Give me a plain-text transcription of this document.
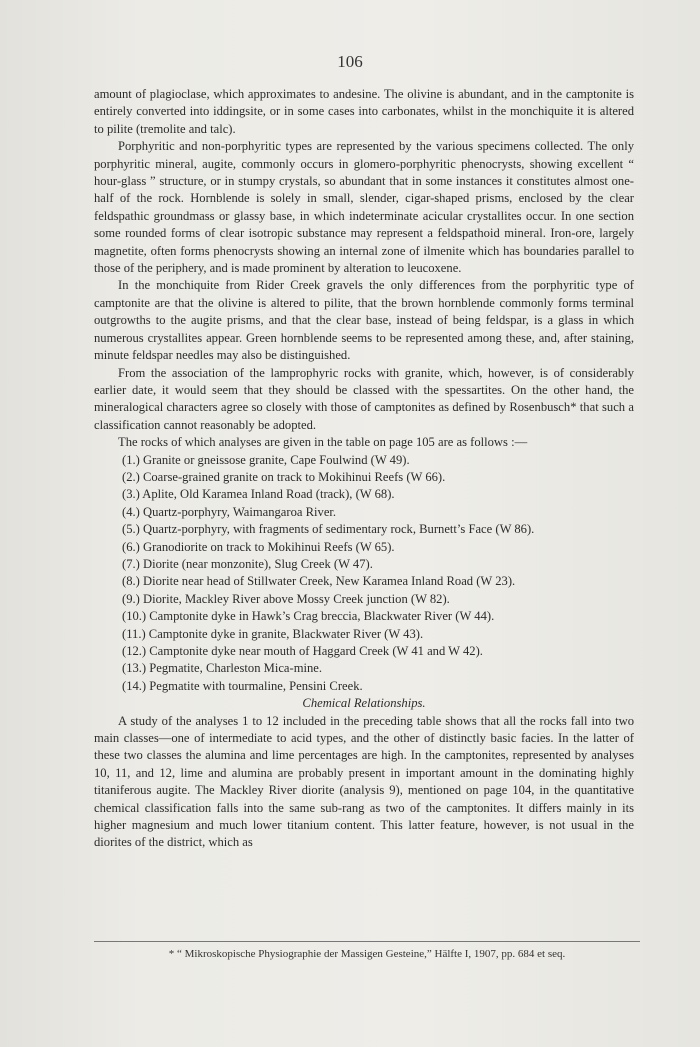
106

amount of plagioclase, which approximates to andesine. The olivine is abundant, and in the camptonite is entirely converted into iddingsite, or in some cases into carbonates, whilst in the monchiquite it is altered to pilite (tremolite and talc).

Porphyritic and non-porphyritic types are represented by the various specimens collected. The only porphyritic mineral, augite, commonly occurs in glomero-porphyritic phenocrysts, showing excellent “ hour-glass ” structure, or in stumpy crystals, so abundant that in some instances it constitutes almost one-half of the rock. Hornblende is solely in small, slender, cigar-shaped prisms, enclosed by the clear feldspathic groundmass or glassy base, in which indeterminate acicular crystallites occur. In one section some rounded forms of clear isotropic substance may represent a feldspathoid mineral. Iron-ore, largely magnetite, often forms phenocrysts showing an internal zone of ilmenite which has boundaries parallel to those of the periphery, and is made prominent by alteration to leucoxene.

In the monchiquite from Rider Creek gravels the only differences from the porphyritic type of camptonite are that the olivine is altered to pilite, that the brown hornblende commonly forms terminal outgrowths to the augite prisms, and that the clear base, instead of being feldspar, is a glass in which numerous crystallites appear. Green hornblende seems to be represented among these, and, after staining, minute feldspar needles may also be distinguished.

From the association of the lamprophyric rocks with granite, which, however, is of considerably earlier date, it would seem that they should be classed with the spessartites. On the other hand, the mineralogical characters agree so closely with those of camptonites as defined by Rosenbusch* that such a classification cannot reasonably be adopted.

The rocks of which analyses are given in the table on page 105 are as follows :—

(1.) Granite or gneissose granite, Cape Foulwind (W 49).
(2.) Coarse-grained granite on track to Mokihinui Reefs (W 66).
(3.) Aplite, Old Karamea Inland Road (track), (W 68).
(4.) Quartz-porphyry, Waimangaroa River.
(5.) Quartz-porphyry, with fragments of sedimentary rock, Burnett’s Face (W 86).
(6.) Granodiorite on track to Mokihinui Reefs (W 65).
(7.) Diorite (near monzonite), Slug Creek (W 47).
(8.) Diorite near head of Stillwater Creek, New Karamea Inland Road (W 23).
(9.) Diorite, Mackley River above Mossy Creek junction (W 82).
(10.) Camptonite dyke in Hawk’s Crag breccia, Blackwater River (W 44).
(11.) Camptonite dyke in granite, Blackwater River (W 43).
(12.) Camptonite dyke near mouth of Haggard Creek (W 41 and W 42).
(13.) Pegmatite, Charleston Mica-mine.
(14.) Pegmatite with tourmaline, Pensini Creek.

Chemical Relationships.

A study of the analyses 1 to 12 included in the preceding table shows that all the rocks fall into two main classes—one of intermediate to acid types, and the other of distinctly basic facies. In the latter of these two classes the alumina and lime percentages are high. In the camptonites, represented by analyses 10, 11, and 12, lime and alumina are probably present in important amount in the dominating highly titaniferous augite. The Mackley River diorite (analysis 9), mentioned on page 104, in the quantitative chemical classification falls into the same sub-rang as two of the camptonites. It differs mainly in its higher magnesium and much lower titanium content. This latter feature, however, is not usual in the diorites of the district, which as

* “ Mikroskopische Physiographie der Massigen Gesteine,” Hälfte I, 1907, pp. 684 et seq.
